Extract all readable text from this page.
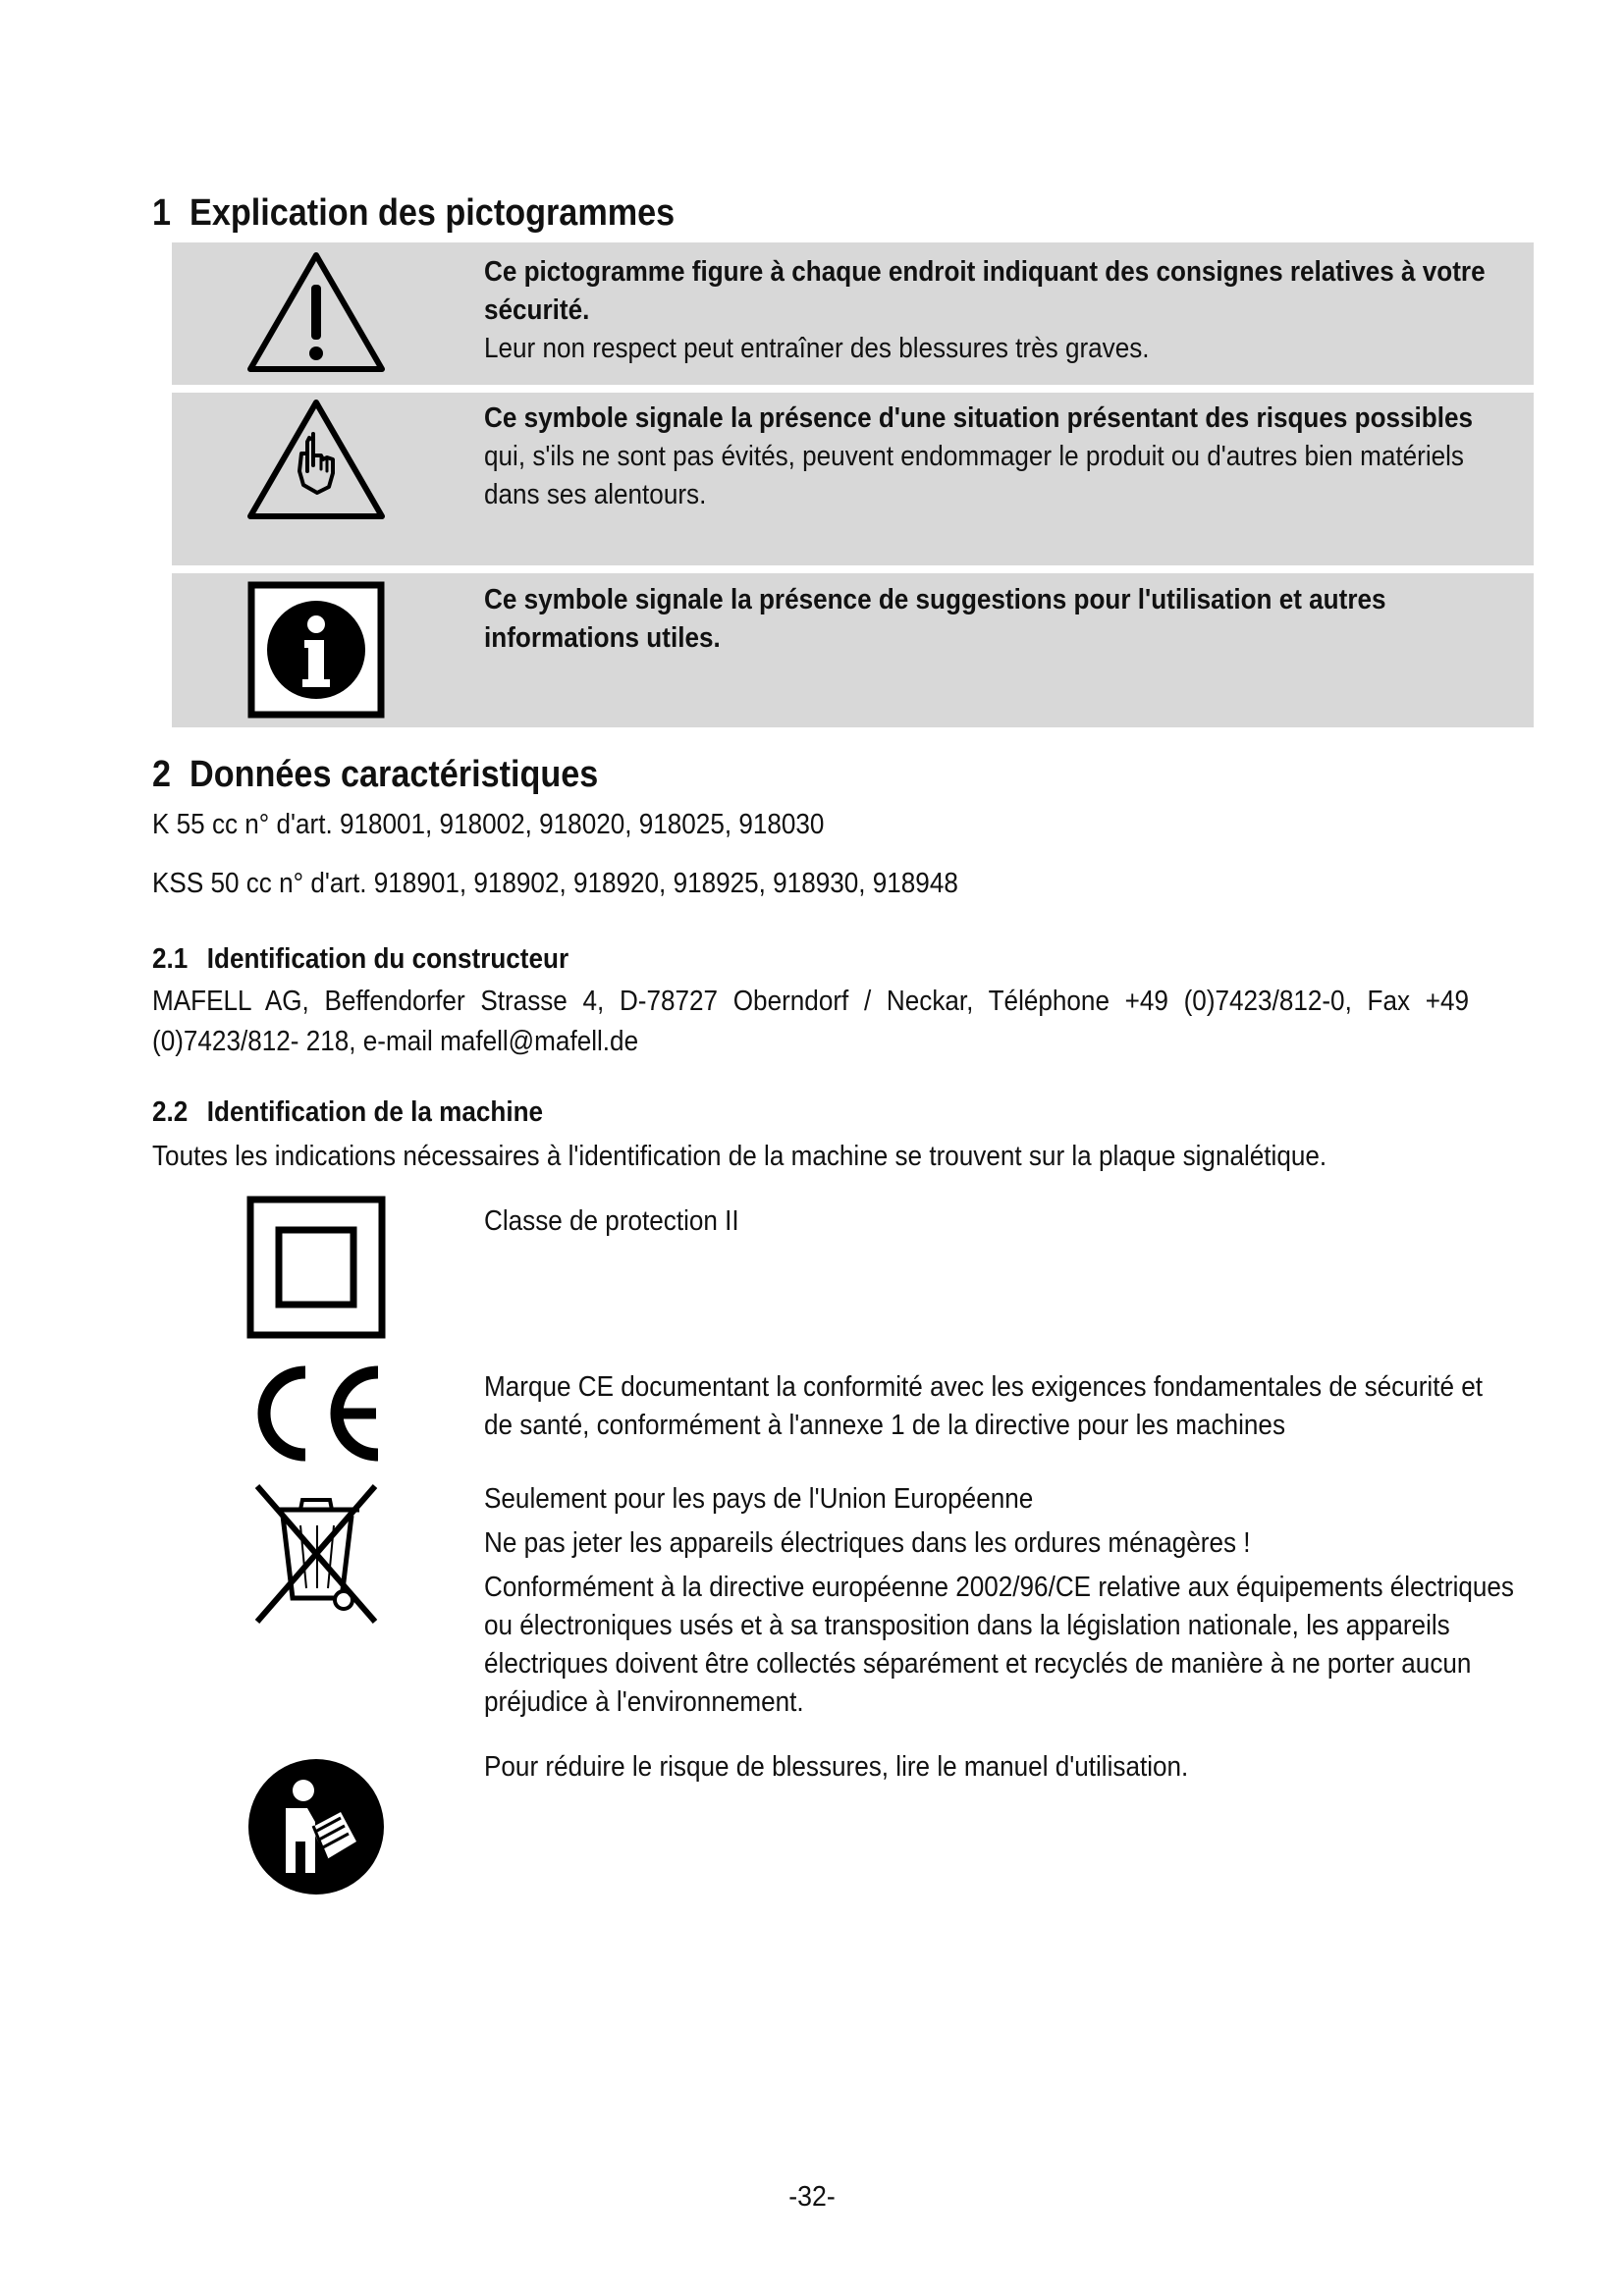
1 Explication des pictogrammes
Ce pictogramme figure à chaque endroit indiquant des consignes relatives à votre sécurité.
Leur non respect peut entraîner des blessures très graves.
Ce symbole signale la présence d'une situation présentant des risques possibles
qui, s'ils ne sont pas évités, peuvent endommager le produit ou d'autres bien matériels dans ses alentours.
Ce symbole signale la présence de suggestions pour l'utilisation et autres informations utiles.
2 Données caractéristiques

K 55 cc n° d'art. 918001, 918002, 918020, 918025, 918030

KSS 50 cc n° d'art. 918901, 918902, 918920, 918925, 918930, 918948

2.1 Identification du constructeur

MAFELL AG, Beffendorfer Strasse 4, D-78727 Oberndorf / Neckar, Téléphone +49 (0)7423/812-0, Fax +49 (0)7423/812- 218, e-mail mafell@mafell.de

2.2 Identification de la machine

Toutes les indications nécessaires à l'identification de la machine se trouvent sur la plaque signalétique.

Classe de protection II
Marque CE documentant la conformité avec les exigences fondamentales de sécurité et de santé, conformément à l'annexe 1 de la directive pour les machines
Seulement pour les pays de l'Union Européenne
Ne pas jeter les appareils électriques dans les ordures ménagères !
Conformément à la directive européenne 2002/96/CE relative aux équipements électriques ou électroniques usés et à sa transposition dans la législation nationale, les appareils électriques doivent être collectés séparément et recyclés de manière à ne porter aucun préjudice à l'environnement.
Pour réduire le risque de blessures, lire le manuel d'utilisation.
-32-
